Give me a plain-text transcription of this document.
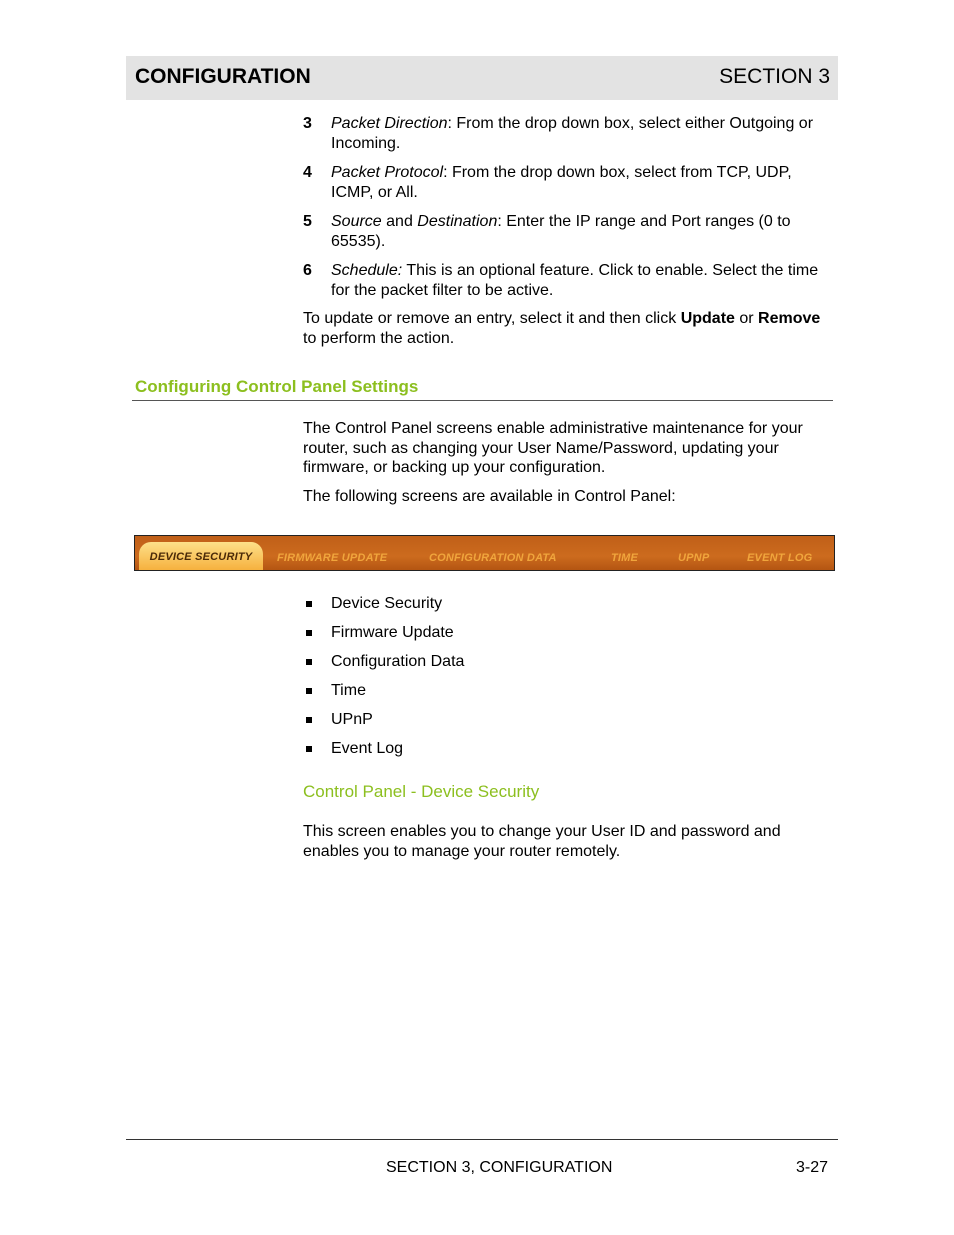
CONFIGURATION	SECTION 3
3	Packet Direction: From the drop down box, select either Outgoing or Incoming.
4	Packet Protocol: From the drop down box, select from TCP, UDP, ICMP, or All.
5	Source and Destination: Enter the IP range and Port ranges (0 to 65535).
6	Schedule: This is an optional feature. Click to enable. Select the time for the packet filter to be active.

To update or remove an entry, select it and then click Update or Remove to perform the action.

Configuring Control Panel Settings

The Control Panel screens enable administrative maintenance for your router, such as changing your User Name/Password, updating your firmware, or backing up your configuration.

The following screens are available in Control Panel:

DEVICE SECURITY	FIRMWARE UPDATE	CONFIGURATION DATA	TIME	UPNP	EVENT LOG
Device Security
Firmware Update
Configuration Data
Time
UPnP
Event Log
Control Panel - Device Security

This screen enables you to change your User ID and password and enables you to manage your router remotely.

SECTION 3, CONFIGURATION	3-27
